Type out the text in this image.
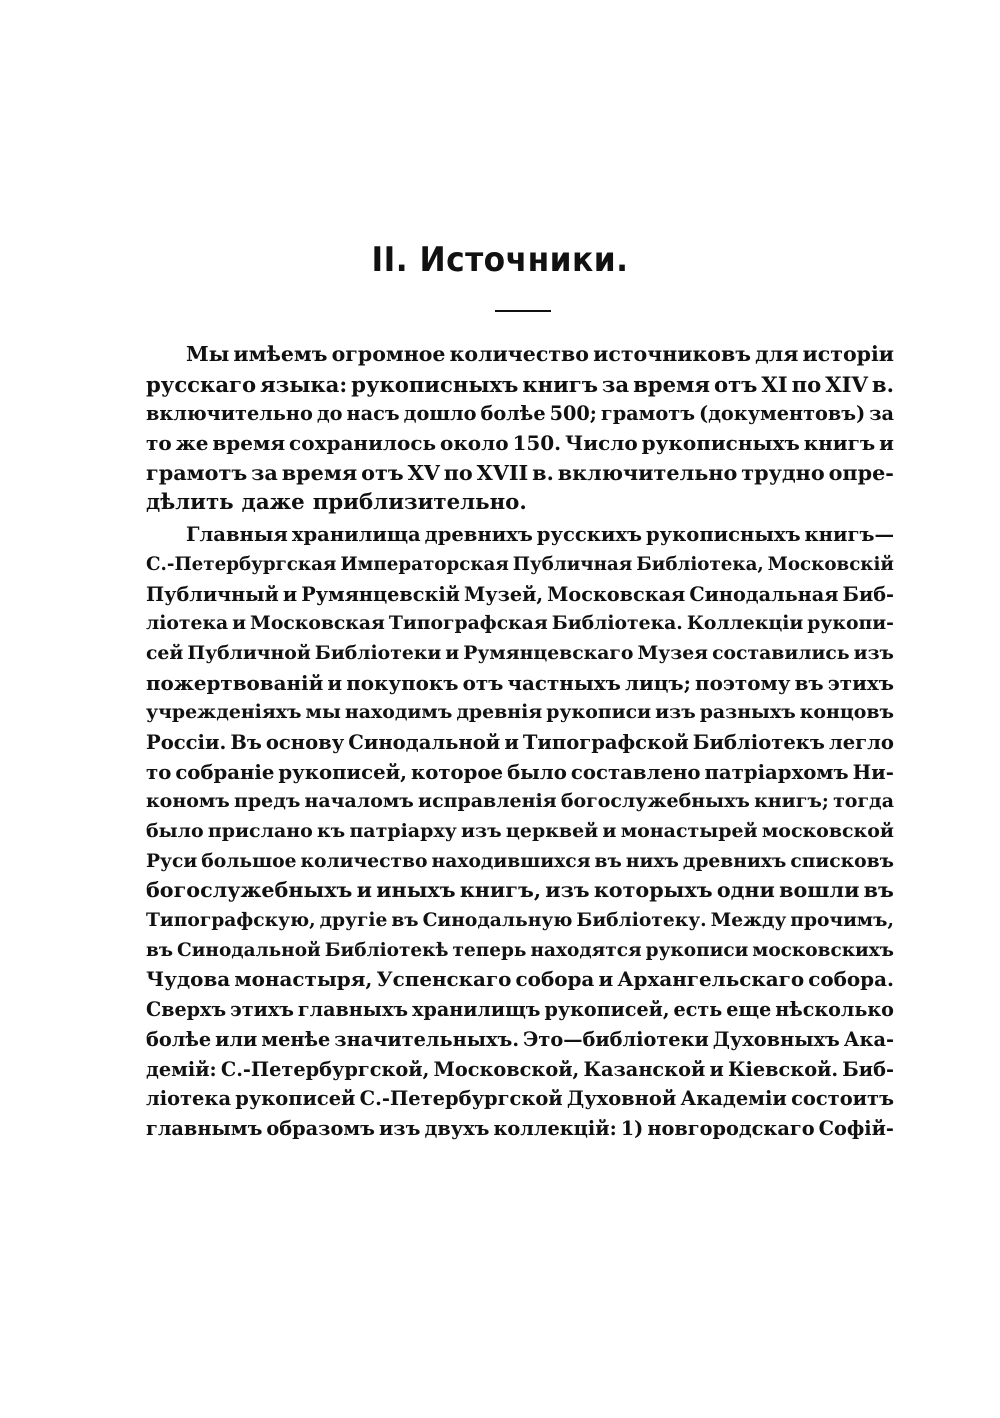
II. Источники.
Мы имѣемъ огромное количество источниковъ для исторіи
русскаго языка: рукописныхъ книгъ за время отъ XI по XIV в.
включительно до насъ дошло болѣе 500; грамотъ (документовъ) за
то же время сохранилось около 150. Число рукописныхъ книгъ и
грамотъ за время отъ XV по XVII в. включительно трудно опре-
дѣлить даже приблизительно.
Главныя хранилища древнихъ русскихъ рукописныхъ книгъ—
С.-Петербургская Императорская Публичная Библіотека, Московскій
Публичный и Румянцевскій Музей, Московская Синодальная Биб-
ліотека и Московская Типографская Библіотека. Коллекціи рукопи-
сей Публичной Библіотеки и Румянцевскаго Музея составились изъ
пожертвованій и покупокъ отъ частныхъ лицъ; поэтому въ этихъ
учрежденіяхъ мы находимъ древнія рукописи изъ разныхъ концовъ
Россіи. Въ основу Синодальной и Типографской Библіотекъ легло
то собраніе рукописей, которое было составлено патріархомъ Ни-
кономъ предъ началомъ исправленія богослужебныхъ книгъ; тогда
было прислано къ патріарху изъ церквей и монастырей московской
Руси большое количество находившихся въ нихъ древнихъ списковъ
богослужебныхъ и иныхъ книгъ, изъ которыхъ одни вошли въ
Типографскую, другіе въ Синодальную Библіотеку. Между прочимъ,
въ Синодальной Библіотекѣ теперь находятся рукописи московскихъ
Чудова монастыря, Успенскаго собора и Архангельскаго собора.
Сверхъ этихъ главныхъ хранилищъ рукописей, есть еще нѣсколько
болѣе или менѣе значительныхъ. Это—библіотеки Духовныхъ Ака-
демій: С.-Петербургской, Московской, Казанской и Кіевской. Биб-
ліотека рукописей С.-Петербургской Духовной Академіи состоитъ
главнымъ образомъ изъ двухъ коллекцій: 1) новгородскаго Софій-
